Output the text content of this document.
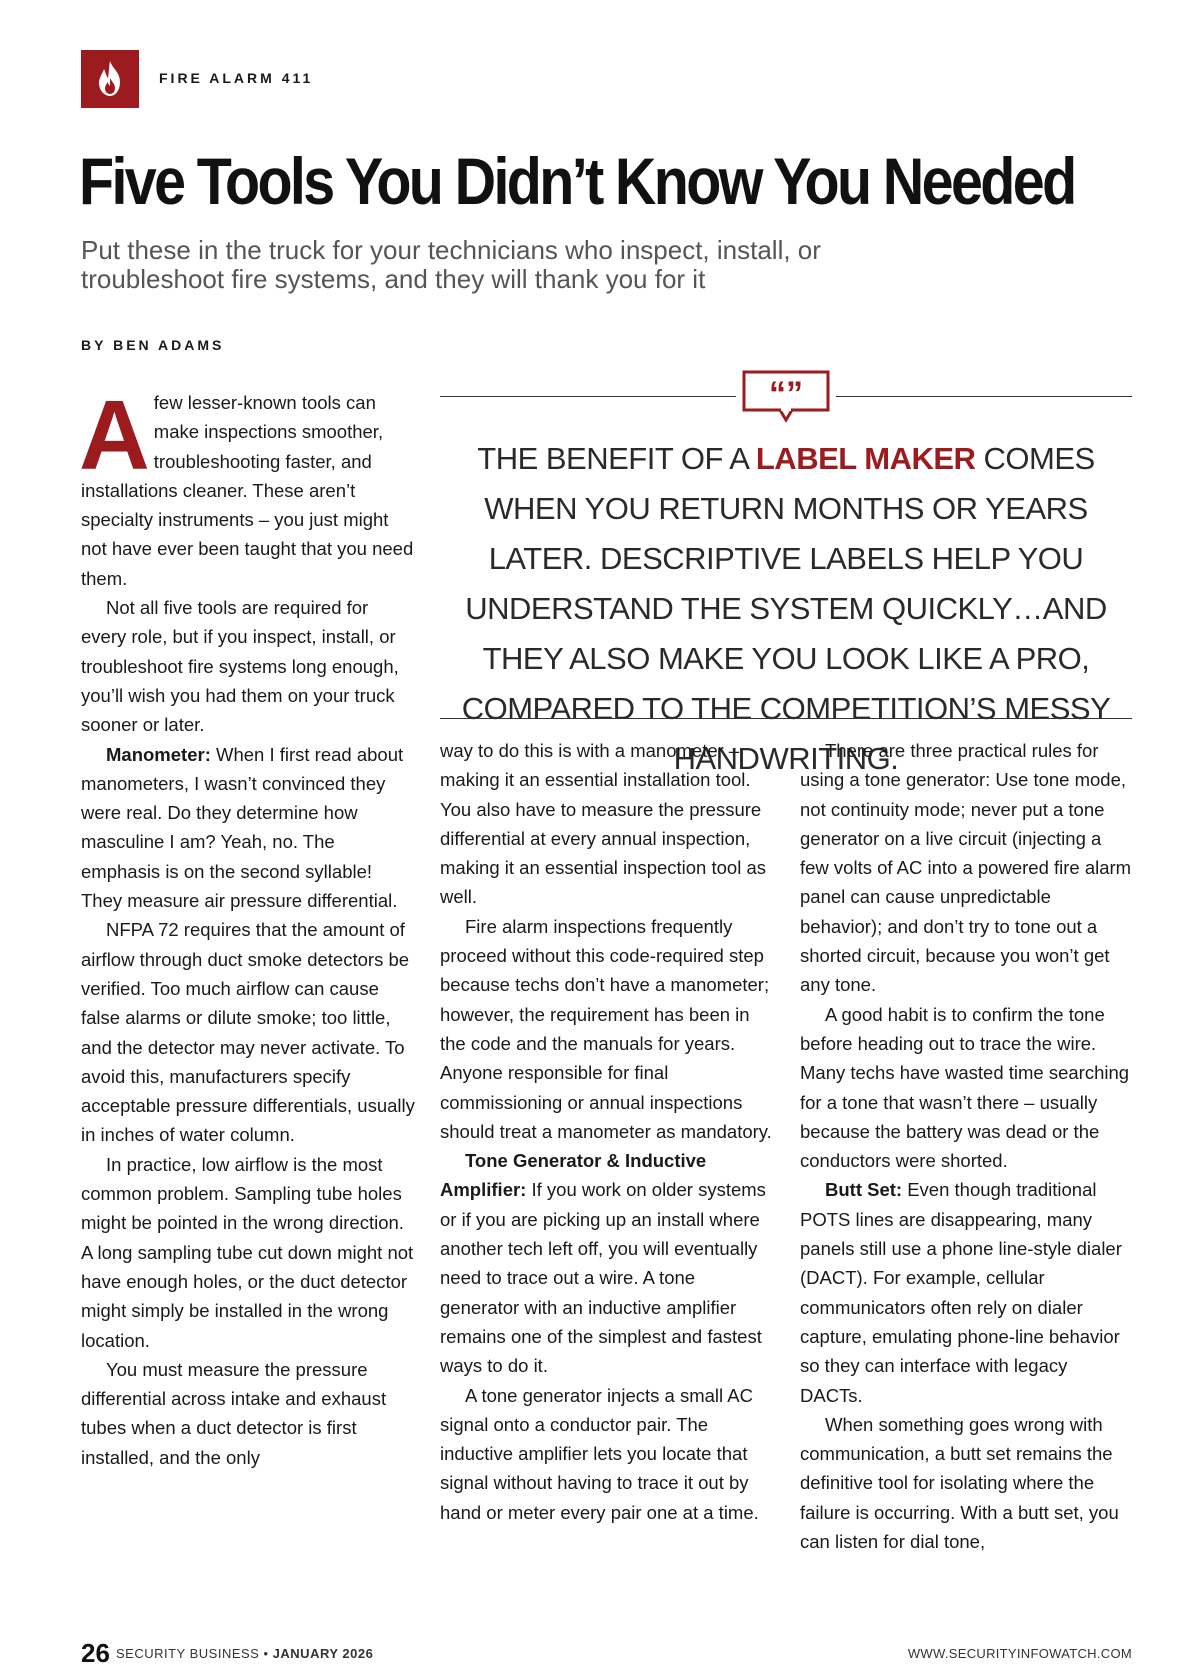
FIRE ALARM 411
Five Tools You Didn’t Know You Needed

Put these in the truck for your technicians who inspect, install, or troubleshoot fire systems, and they will thank you for it

BY BEN ADAMS
“”

THE BENEFIT OF A LABEL MAKER COMES WHEN YOU RETURN MONTHS OR YEARS LATER. DESCRIPTIVE LABELS HELP YOU UNDERSTAND THE SYSTEM QUICKLY…AND THEY ALSO MAKE YOU LOOK LIKE A PRO, COMPARED TO THE COMPETITION’S MESSY HANDWRITING.

Afew lesser-known tools can make inspections smoother, troubleshooting faster, and installations cleaner. These aren’t specialty instruments – you just might not have ever been taught that you need them.

Not all five tools are required for every role, but if you inspect, install, or troubleshoot fire systems long enough, you’ll wish you had them on your truck sooner or later.

Manometer: When I first read about manometers, I wasn’t convinced they were real. Do they determine how masculine I am? Yeah, no. The emphasis is on the second syllable! They measure air pressure differential.

NFPA 72 requires that the amount of airflow through duct smoke detectors be verified. Too much airflow can cause false alarms or dilute smoke; too little, and the detector may never activate. To avoid this, manufacturers specify acceptable pressure differentials, usually in inches of water column.

In practice, low airflow is the most common problem. Sampling tube holes might be pointed in the wrong direction. A long sampling tube cut down might not have enough holes, or the duct detector might simply be installed in the wrong location.

You must measure the pressure differential across intake and exhaust tubes when a duct detector is first installed, and the only

way to do this is with a manometer – making it an essential installation tool. You also have to measure the pressure differential at every annual inspection, making it an essential inspection tool as well.

Fire alarm inspections frequently proceed without this code-required step because techs don’t have a manometer; however, the requirement has been in the code and the manuals for years. Anyone responsible for final commissioning or annual inspections should treat a manometer as mandatory.

Tone Generator & Inductive Amplifier: If you work on older systems or if you are picking up an install where another tech left off, you will eventually need to trace out a wire. A tone generator with an inductive amplifier remains one of the simplest and fastest ways to do it.

A tone generator injects a small AC signal onto a conductor pair. The inductive amplifier lets you locate that signal without having to trace it out by hand or meter every pair one at a time.

There are three practical rules for using a tone generator: Use tone mode, not continuity mode; never put a tone generator on a live circuit (injecting a few volts of AC into a powered fire alarm panel can cause unpredictable behavior); and don’t try to tone out a shorted circuit, because you won’t get any tone.

A good habit is to confirm the tone before heading out to trace the wire. Many techs have wasted time searching for a tone that wasn’t there – usually because the battery was dead or the conductors were shorted.

Butt Set: Even though traditional POTS lines are disappearing, many panels still use a phone line-style dialer (DACT). For example, cellular communicators often rely on dialer capture, emulating phone-line behavior so they can interface with legacy DACTs.

When something goes wrong with communication, a butt set remains the definitive tool for isolating where the failure is occurring. With a butt set, you can listen for dial tone,

26 SECURITY BUSINESS • JANUARY 2026	WWW.SECURITYINFOWATCH.COM
